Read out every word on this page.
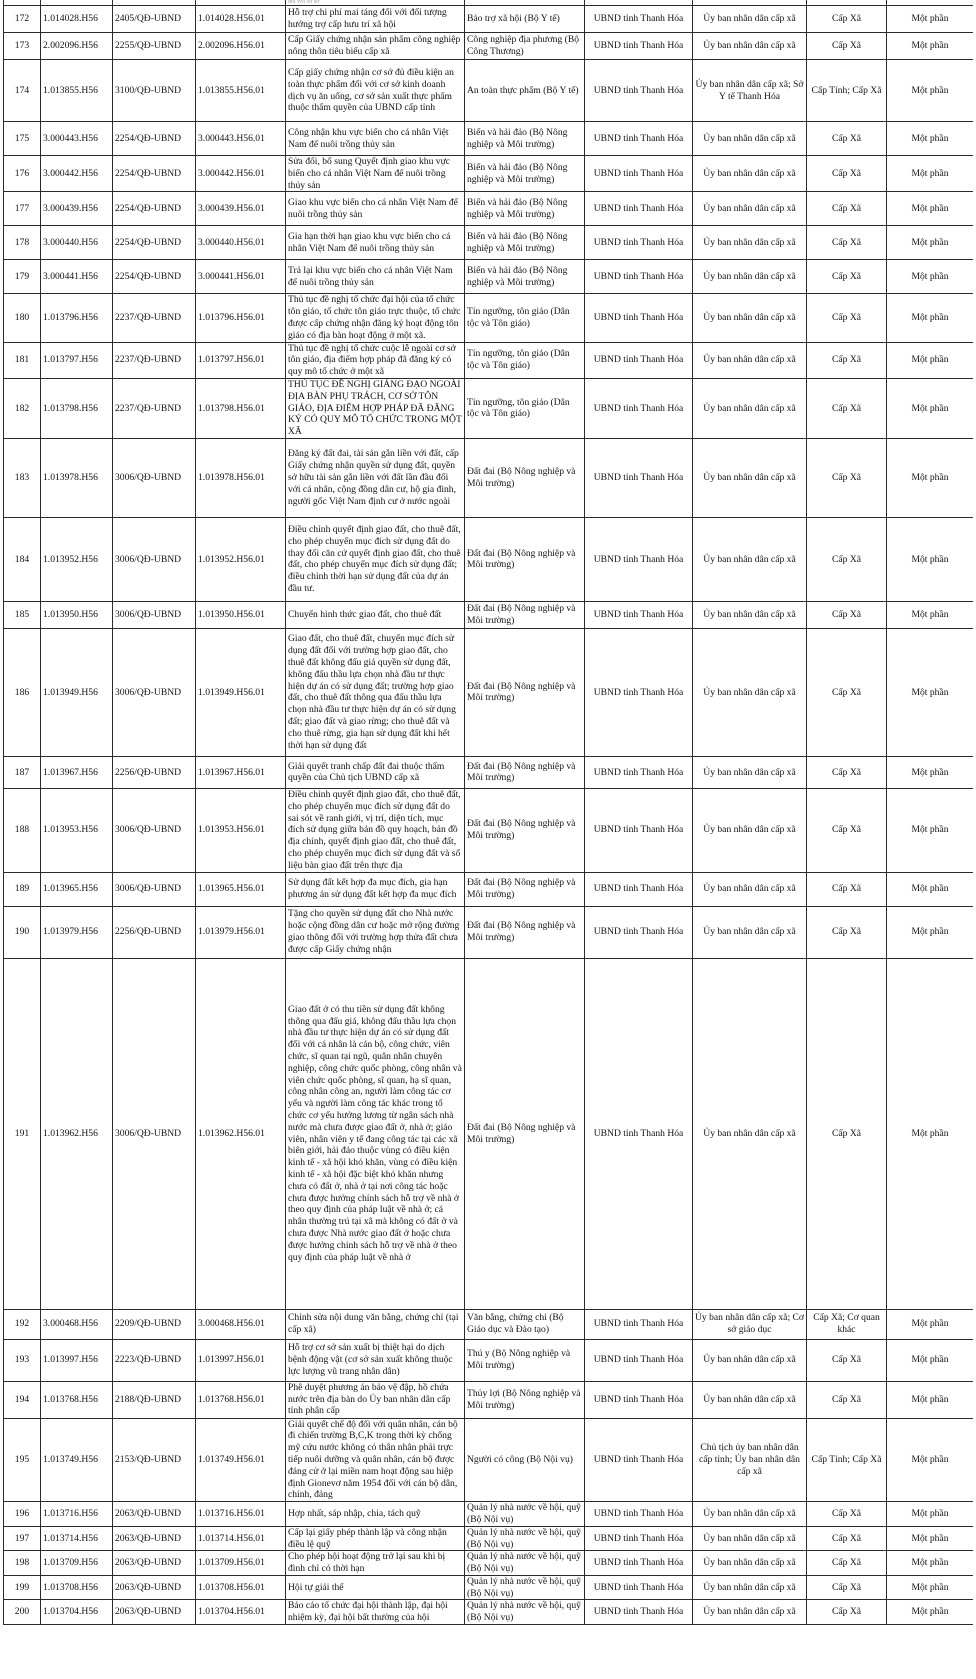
				đối với cơ sở					
172	1.014028.H56	2405/QĐ-UBND	1.014028.H56.01	Hỗ trợ chi phí mai táng đối với đối tượng hưởng trợ cấp hưu trí xã hội	Bảo trợ xã hội (Bộ Y tế)	UBND tỉnh Thanh Hóa	Ủy ban nhân dân cấp xã	Cấp Xã	Một phần
173	2.002096.H56	2255/QĐ-UBND	2.002096.H56.01	Cấp Giấy chứng nhận sản phẩm công nghiệp nông thôn tiêu biểu cấp xã	Công nghiệp địa phương (Bộ Công Thương)	UBND tỉnh Thanh Hóa	Ủy ban nhân dân cấp xã	Cấp Xã	Một phần
174	1.013855.H56	3100/QĐ-UBND	1.013855.H56.01	Cấp giấy chứng nhận cơ sở đủ điều kiện an toàn thực phẩm đối với cơ sở kinh doanh dịch vụ ăn uống, cơ sở sản xuất thực phẩm thuộc thẩm quyền của UBND cấp tỉnh	An toàn thực phẩm (Bộ Y tế)	UBND tỉnh Thanh Hóa	Ủy ban nhân dân cấp xã; Sở Y tế Thanh Hóa	Cấp Tỉnh; Cấp Xã	Một phần
175	3.000443.H56	2254/QĐ-UBND	3.000443.H56.01	Công nhận khu vực biển cho cá nhân Việt Nam để nuôi trồng thủy sản	Biển và hải đảo (Bộ Nông nghiệp và Môi trường)	UBND tỉnh Thanh Hóa	Ủy ban nhân dân cấp xã	Cấp Xã	Một phần
176	3.000442.H56	2254/QĐ-UBND	3.000442.H56.01	Sửa đổi, bổ sung Quyết định giao khu vực biển cho cá nhân Việt Nam để nuôi trồng thủy sản	Biển và hải đảo (Bộ Nông nghiệp và Môi trường)	UBND tỉnh Thanh Hóa	Ủy ban nhân dân cấp xã	Cấp Xã	Một phần
177	3.000439.H56	2254/QĐ-UBND	3.000439.H56.01	Giao khu vực biển cho cá nhân Việt Nam để nuôi trồng thủy sản	Biển và hải đảo (Bộ Nông nghiệp và Môi trường)	UBND tỉnh Thanh Hóa	Ủy ban nhân dân cấp xã	Cấp Xã	Một phần
178	3.000440.H56	2254/QĐ-UBND	3.000440.H56.01	Gia hạn thời hạn giao khu vực biển cho cá nhân Việt Nam để nuôi trồng thủy sản	Biển và hải đảo (Bộ Nông nghiệp và Môi trường)	UBND tỉnh Thanh Hóa	Ủy ban nhân dân cấp xã	Cấp Xã	Một phần
179	3.000441.H56	2254/QĐ-UBND	3.000441.H56.01	Trả lại khu vực biển cho cá nhân Việt Nam để nuôi trồng thủy sản	Biển và hải đảo (Bộ Nông nghiệp và Môi trường)	UBND tỉnh Thanh Hóa	Ủy ban nhân dân cấp xã	Cấp Xã	Một phần
180	1.013796.H56	2237/QĐ-UBND	1.013796.H56.01	Thủ tục đề nghị tổ chức đại hội của tổ chức tôn giáo, tổ chức tôn giáo trực thuộc, tổ chức được cấp chứng nhận đăng ký hoạt động tôn giáo có địa bàn hoạt động ở một xã.	Tín ngưỡng, tôn giáo (Dân tộc và Tôn giáo)	UBND tỉnh Thanh Hóa	Ủy ban nhân dân cấp xã	Cấp Xã	Một phần
181	1.013797.H56	2237/QĐ-UBND	1.013797.H56.01	Thủ tục đề nghị tổ chức cuộc lễ ngoài cơ sở tôn giáo, địa điểm hợp pháp đã đăng ký có quy mô tổ chức ở một xã	Tín ngưỡng, tôn giáo (Dân tộc và Tôn giáo)	UBND tỉnh Thanh Hóa	Ủy ban nhân dân cấp xã	Cấp Xã	Một phần
182	1.013798.H56	2237/QĐ-UBND	1.013798.H56.01	THỦ TỤC ĐỀ NGHỊ GIẢNG ĐẠO NGOÀI ĐỊA BÀN PHỤ TRÁCH, CƠ SỞ TÔN GIÁO, ĐỊA ĐIỂM HỢP PHÁP ĐÃ ĐĂNG KÝ CÓ QUY MÔ TỔ CHỨC TRONG MỘT XÃ	Tín ngưỡng, tôn giáo (Dân tộc và Tôn giáo)	UBND tỉnh Thanh Hóa	Ủy ban nhân dân cấp xã	Cấp Xã	Một phần
183	1.013978.H56	3006/QĐ-UBND	1.013978.H56.01	Đăng ký đất đai, tài sản gắn liền với đất, cấp Giấy chứng nhận quyền sử dụng đất, quyền sở hữu tài sản gắn liền với đất lần đầu đối với cá nhân, cộng đồng dân cư, hộ gia đình, người gốc Việt Nam định cư ở nước ngoài	Đất đai (Bộ Nông nghiệp và Môi trường)	UBND tỉnh Thanh Hóa	Ủy ban nhân dân cấp xã	Cấp Xã	Một phần
184	1.013952.H56	3006/QĐ-UBND	1.013952.H56.01	Điều chỉnh quyết định giao đất, cho thuê đất, cho phép chuyển mục đích sử dụng đất do thay đổi căn cứ quyết định giao đất, cho thuê đất, cho phép chuyển mục đích sử dụng đất; điều chỉnh thời hạn sử dụng đất của dự án đầu tư.	Đất đai (Bộ Nông nghiệp và Môi trường)	UBND tỉnh Thanh Hóa	Ủy ban nhân dân cấp xã	Cấp Xã	Một phần
185	1.013950.H56	3006/QĐ-UBND	1.013950.H56.01	Chuyển hình thức giao đất, cho thuê đất	Đất đai (Bộ Nông nghiệp và Môi trường)	UBND tỉnh Thanh Hóa	Ủy ban nhân dân cấp xã	Cấp Xã	Một phần
186	1.013949.H56	3006/QĐ-UBND	1.013949.H56.01	Giao đất, cho thuê đất, chuyển mục đích sử dụng đất đối với trường hợp giao đất, cho thuê đất không đấu giá quyền sử dụng đất, không đấu thầu lựa chọn nhà đầu tư thực hiện dự án có sử dụng đất; trường hợp giao đất, cho thuê đất thông qua đấu thầu lựa chọn nhà đầu tư thực hiện dự án có sử dụng đất; giao đất và giao rừng; cho thuê đất và cho thuê rừng, gia hạn sử dụng đất khi hết thời hạn sử dụng đất	Đất đai (Bộ Nông nghiệp và Môi trường)	UBND tỉnh Thanh Hóa	Ủy ban nhân dân cấp xã	Cấp Xã	Một phần
187	1.013967.H56	2256/QĐ-UBND	1.013967.H56.01	Giải quyết tranh chấp đất đai thuộc thẩm quyền của Chủ tịch UBND cấp xã	Đất đai (Bộ Nông nghiệp và Môi trường)	UBND tỉnh Thanh Hóa	Ủy ban nhân dân cấp xã	Cấp Xã	Một phần
188	1.013953.H56	3006/QĐ-UBND	1.013953.H56.01	Điều chỉnh quyết định giao đất, cho thuê đất, cho phép chuyển mục đích sử dụng đất do sai sót về ranh giới, vị trí, diện tích, mục đích sử dụng giữa bản đồ quy hoạch, bản đồ địa chính, quyết định giao đất, cho thuê đất, cho phép chuyển mục đích sử dụng đất và số liệu bàn giao đất trên thực địa	Đất đai (Bộ Nông nghiệp và Môi trường)	UBND tỉnh Thanh Hóa	Ủy ban nhân dân cấp xã	Cấp Xã	Một phần
189	1.013965.H56	3006/QĐ-UBND	1.013965.H56.01	Sử dụng đất kết hợp đa mục đích, gia hạn phương án sử dụng đất kết hợp đa mục đích	Đất đai (Bộ Nông nghiệp và Môi trường)	UBND tỉnh Thanh Hóa	Ủy ban nhân dân cấp xã	Cấp Xã	Một phần
190	1.013979.H56	2256/QĐ-UBND	1.013979.H56.01	Tặng cho quyền sử dụng đất cho Nhà nước hoặc cộng đồng dân cư hoặc mở rộng đường giao thông đối với trường hợp thửa đất chưa được cấp Giấy chứng nhận	Đất đai (Bộ Nông nghiệp và Môi trường)	UBND tỉnh Thanh Hóa	Ủy ban nhân dân cấp xã	Cấp Xã	Một phần
191	1.013962.H56	3006/QĐ-UBND	1.013962.H56.01	Giao đất ở có thu tiền sử dụng đất không thông qua đấu giá, không đấu thầu lựa chọn nhà đầu tư thực hiện dự án có sử dụng đất đối với cá nhân là cán bộ, công chức, viên chức, sĩ quan tại ngũ, quân nhân chuyên nghiệp, công chức quốc phòng, công nhân và viên chức quốc phòng, sĩ quan, hạ sĩ quan, công nhân công an, người làm công tác cơ yếu và người làm công tác khác trong tổ chức cơ yếu hưởng lương từ ngân sách nhà nước mà chưa được giao đất ở, nhà ở; giáo viên, nhân viên y tế đang công tác tại các xã biên giới, hải đảo thuộc vùng có điều kiện kinh tế - xã hội khó khăn, vùng có điều kiện kinh tế - xã hội đặc biệt khó khăn nhưng chưa có đất ở, nhà ở tại nơi công tác hoặc chưa được hưởng chính sách hỗ trợ về nhà ở theo quy định của pháp luật về nhà ở; cá nhân thường trú tại xã mà không có đất ở và chưa được Nhà nước giao đất ở hoặc chưa được hưởng chính sách hỗ trợ về nhà ở theo quy định của pháp luật về nhà ở	Đất đai (Bộ Nông nghiệp và Môi trường)	UBND tỉnh Thanh Hóa	Ủy ban nhân dân cấp xã	Cấp Xã	Một phần
192	3.000468.H56	2209/QĐ-UBND	3.000468.H56.01	Chỉnh sửa nội dung văn bằng, chứng chỉ (tại cấp xã)	Văn bằng, chứng chỉ (Bộ Giáo dục và Đào tạo)	UBND tỉnh Thanh Hóa	Ủy ban nhân dân cấp xã; Cơ sở giáo dục	Cấp Xã; Cơ quan khác	Một phần
193	1.013997.H56	2223/QĐ-UBND	1.013997.H56.01	Hỗ trợ cơ sở sản xuất bị thiệt hại do dịch bệnh động vật (cơ sở sản xuất không thuộc lực lượng vũ trang nhân dân)	Thú y (Bộ Nông nghiệp và Môi trường)	UBND tỉnh Thanh Hóa	Ủy ban nhân dân cấp xã	Cấp Xã	Một phần
194	1.013768.H56	2188/QĐ-UBND	1.013768.H56.01	Phê duyệt phương án bảo vệ đập, hồ chứa nước trên địa bàn do Ủy ban nhân dân cấp tỉnh phân cấp	Thủy lợi (Bộ Nông nghiệp và Môi trường)	UBND tỉnh Thanh Hóa	Ủy ban nhân dân cấp xã	Cấp Xã	Một phần
195	1.013749.H56	2153/QĐ-UBND	1.013749.H56.01	Giải quyết chế độ đối với quân nhân, cán bộ đi chiến trường B,C,K trong thời kỳ chống mỹ cứu nước không có thân nhân phải trực tiếp nuôi dưỡng và quân nhân, cán bộ được đảng cử ở lại miền nam hoạt động sau hiệp định Gionevơ năm 1954 đối với cán bộ dân, chính, đảng	Người có công (Bộ Nội vụ)	UBND tỉnh Thanh Hóa	Chủ tịch ủy ban nhân dân cấp tỉnh; Ủy ban nhân dân cấp xã	Cấp Tỉnh; Cấp Xã	Một phần
196	1.013716.H56	2063/QĐ-UBND	1.013716.H56.01	Hợp nhất, sáp nhập, chia, tách quỹ	Quản lý nhà nước về hội, quỹ (Bộ Nội vụ)	UBND tỉnh Thanh Hóa	Ủy ban nhân dân cấp xã	Cấp Xã	Một phần
197	1.013714.H56	2063/QĐ-UBND	1.013714.H56.01	Cấp lại giấy phép thành lập và công nhận điều lệ quỹ	Quản lý nhà nước về hội, quỹ (Bộ Nội vụ)	UBND tỉnh Thanh Hóa	Ủy ban nhân dân cấp xã	Cấp Xã	Một phần
198	1.013709.H56	2063/QĐ-UBND	1.013709.H56.01	Cho phép hội hoạt động trở lại sau khi bị đình chỉ có thời hạn	Quản lý nhà nước về hội, quỹ (Bộ Nội vụ)	UBND tỉnh Thanh Hóa	Ủy ban nhân dân cấp xã	Cấp Xã	Một phần
199	1.013708.H56	2063/QĐ-UBND	1.013708.H56.01	Hội tự giải thể	Quản lý nhà nước về hội, quỹ (Bộ Nội vụ)	UBND tỉnh Thanh Hóa	Ủy ban nhân dân cấp xã	Cấp Xã	Một phần
200	1.013704.H56	2063/QĐ-UBND	1.013704.H56.01	Báo cáo tổ chức đại hội thành lập, đại hội nhiệm kỳ, đại hội bất thường của hội	Quản lý nhà nước về hội, quỹ (Bộ Nội vụ)	UBND tỉnh Thanh Hóa	Ủy ban nhân dân cấp xã	Cấp Xã	Một phần
